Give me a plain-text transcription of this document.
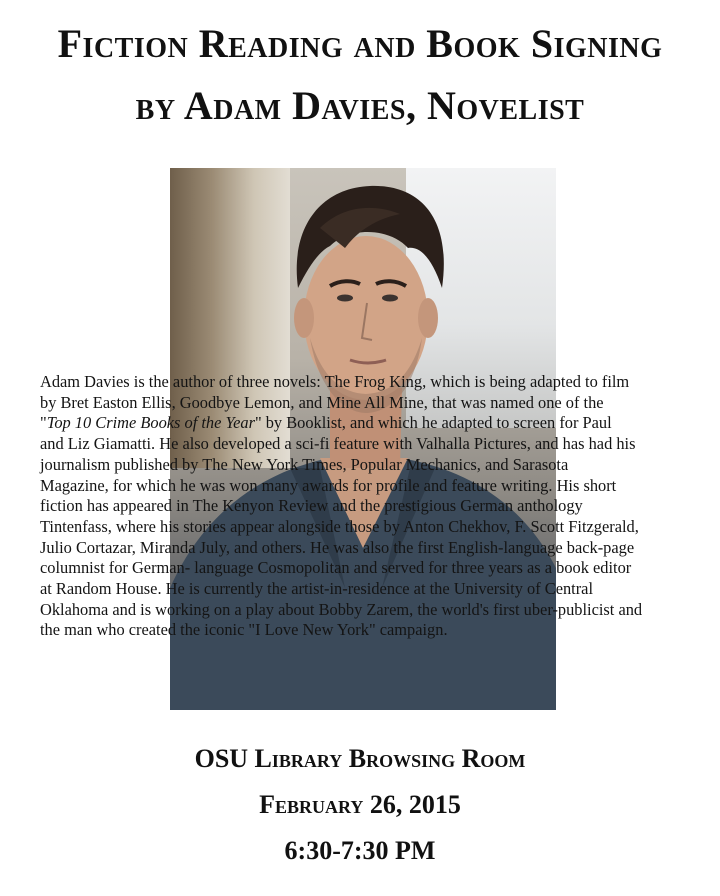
Fiction Reading and Book Signing
by Adam Davies, Novelist
Adam Davies is the author of three novels: The Frog King, which is being adapted to film
by Bret Easton Ellis, Goodbye Lemon, and Mine All Mine, that was named one of the
"Top 10 Crime Books of the Year" by Booklist, and which he adapted to screen for Paul
and Liz Giamatti. He also developed a sci-fi feature with Valhalla Pictures, and has had his
journalism published by The New York Times, Popular Mechanics, and Sarasota
Magazine, for which he was won many awards for profile and feature writing. His short
fiction has appeared in The Kenyon Review and the prestigious German anthology
Tintenfass, where his stories appear alongside those by Anton Chekhov, F. Scott Fitzgerald,
Julio Cortazar, Miranda July, and others. He was also the first English-language back-page
columnist for German- language Cosmopolitan and served for three years as a book editor
at Random House. He is currently the artist-in-residence at the University of Central
Oklahoma and is working on a play about Bobby Zarem, the world's first uber-publicist and
the man who created the iconic "I Love New York" campaign.
OSU Library Browsing Room
February 26, 2015
6:30-7:30 PM
